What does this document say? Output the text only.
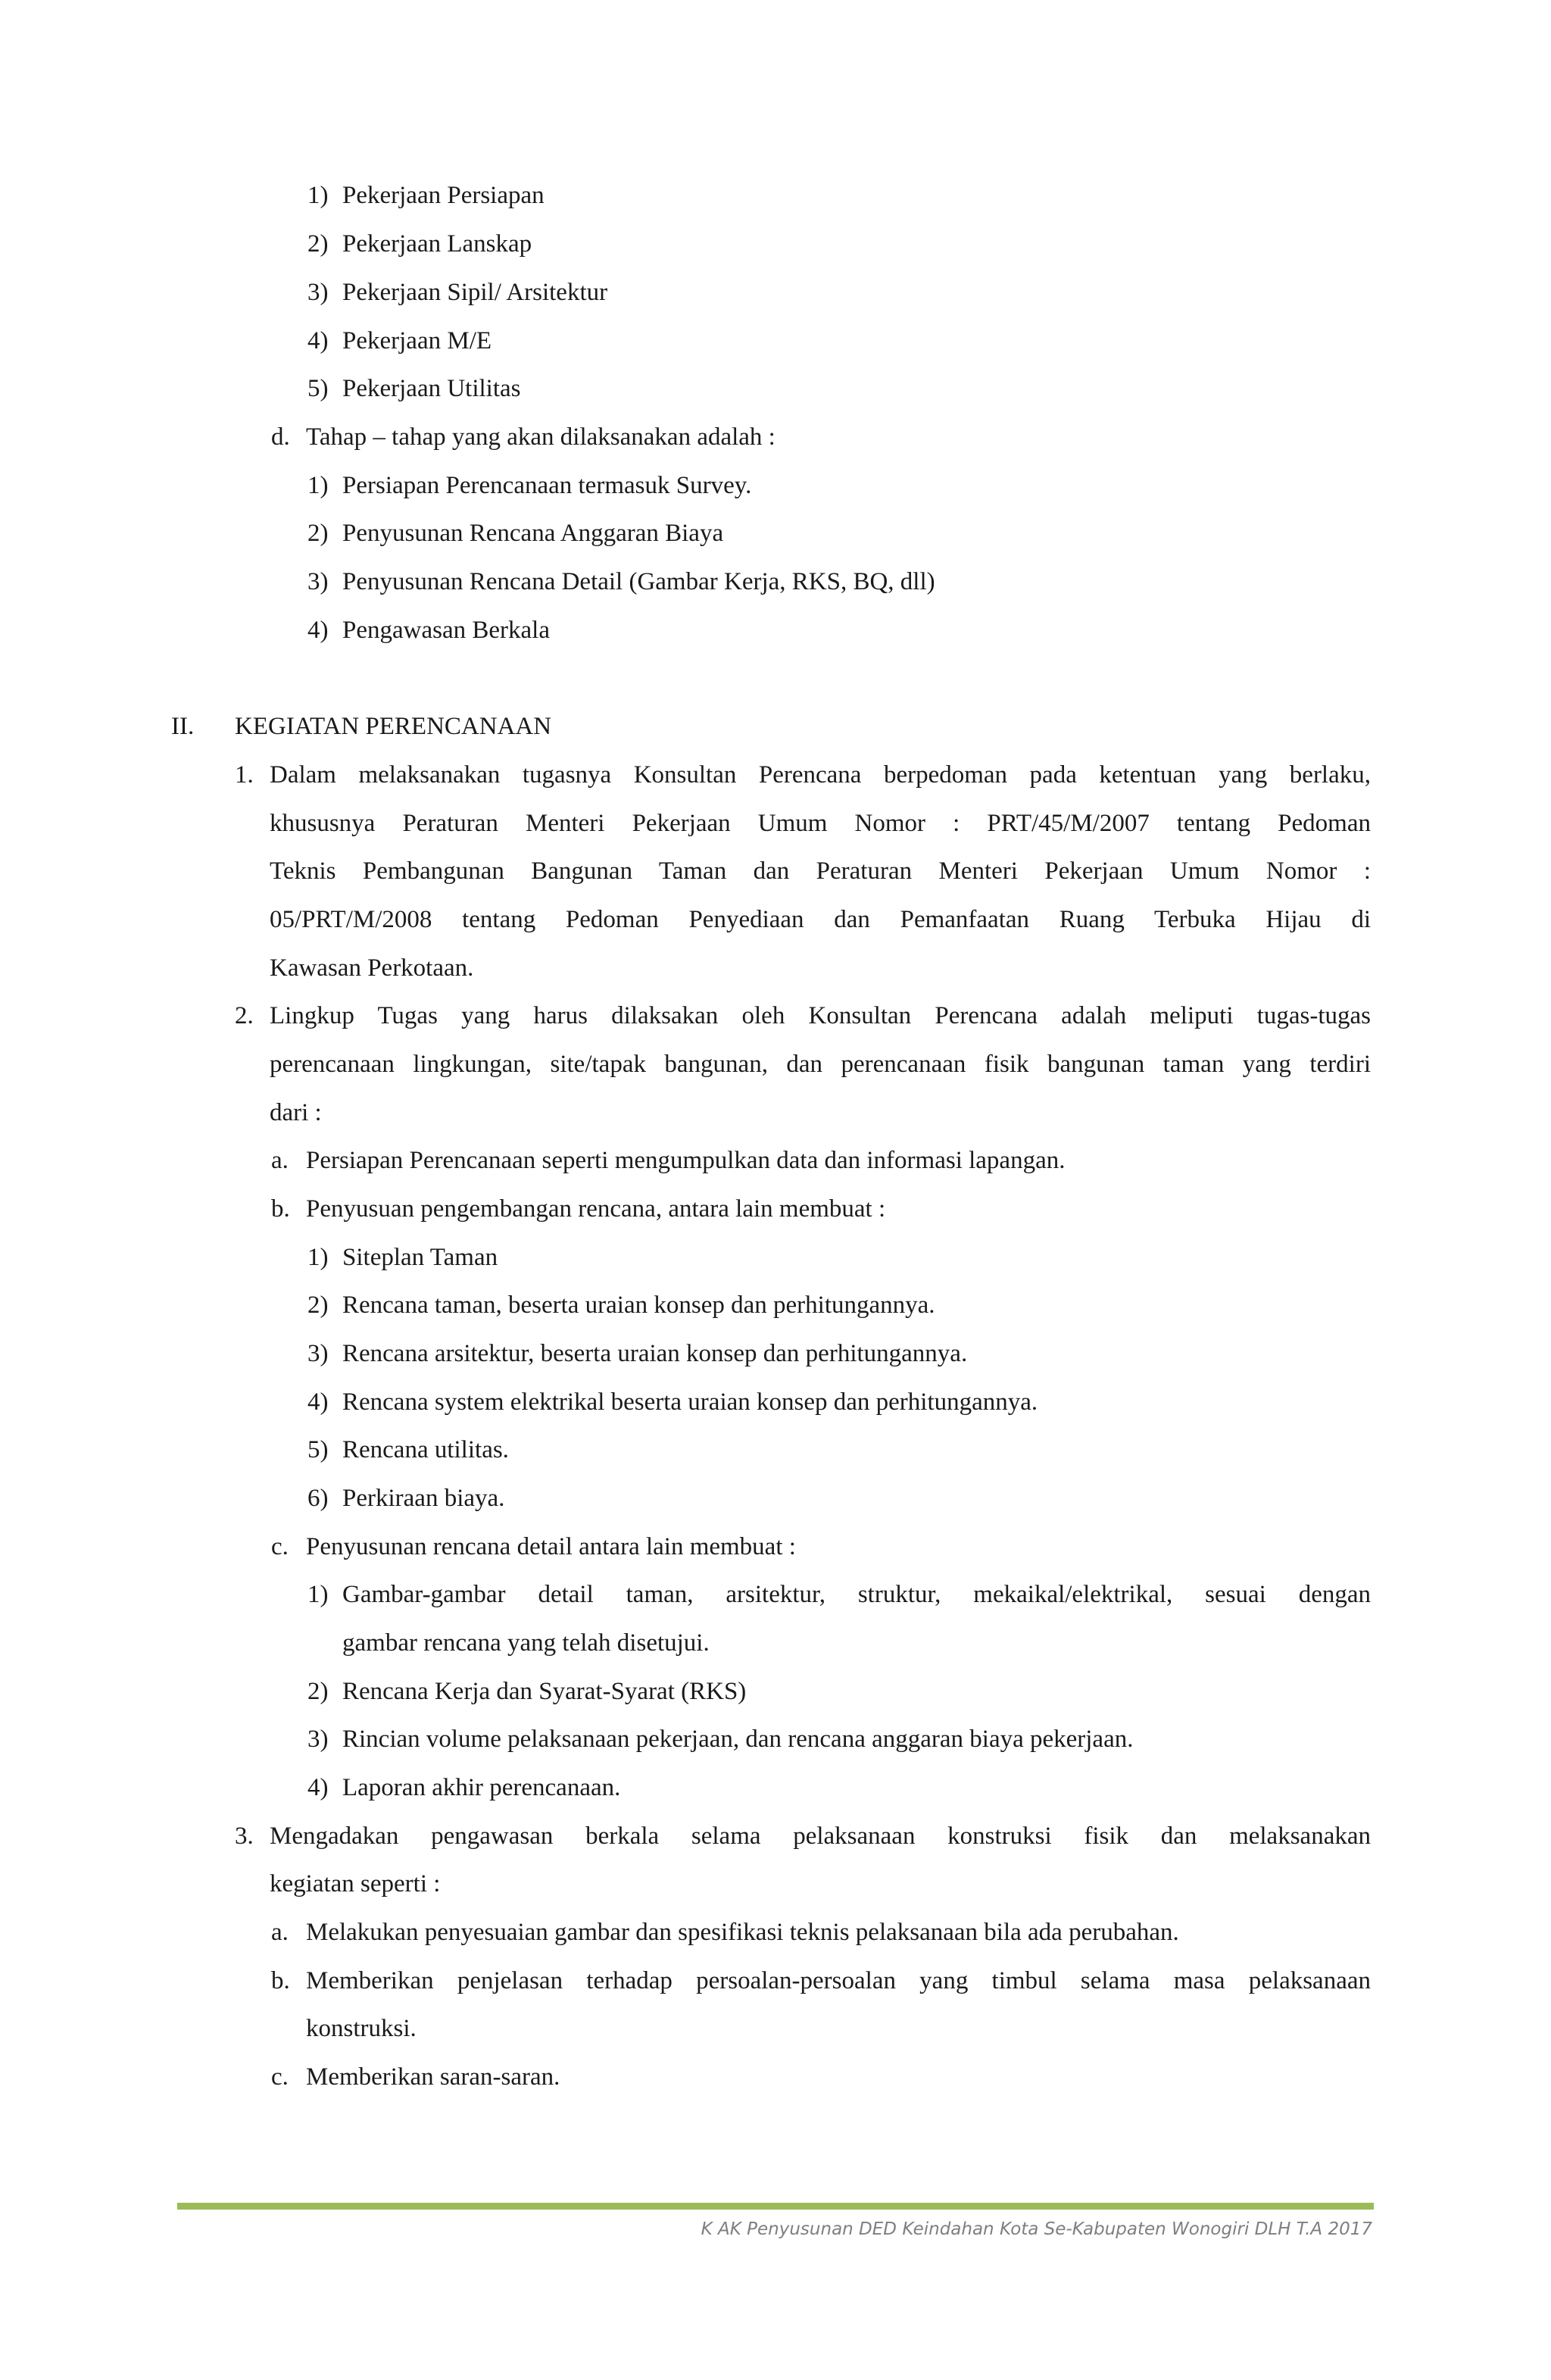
1) Pekerjaan Persiapan
2) Pekerjaan Lanskap
3) Pekerjaan Sipil/ Arsitektur
4) Pekerjaan M/E
5) Pekerjaan Utilitas
d. Tahap – tahap yang akan dilaksanakan adalah :
1) Persiapan Perencanaan termasuk Survey.
2) Penyusunan Rencana Anggaran Biaya
3) Penyusunan Rencana Detail (Gambar Kerja, RKS, BQ, dll)
4) Pengawasan Berkala
II. KEGIATAN PERENCANAAN
1. Dalam melaksanakan tugasnya Konsultan Perencana berpedoman pada ketentuan yang berlaku,
khususnya Peraturan Menteri Pekerjaan Umum Nomor : PRT/45/M/2007 tentang Pedoman
Teknis Pembangunan Bangunan Taman dan Peraturan Menteri Pekerjaan Umum Nomor :
05/PRT/M/2008 tentang Pedoman Penyediaan dan Pemanfaatan Ruang Terbuka Hijau di
Kawasan Perkotaan.
2. Lingkup Tugas yang harus dilaksakan oleh Konsultan Perencana adalah meliputi tugas-tugas
perencanaan lingkungan, site/tapak bangunan, dan perencanaan fisik bangunan taman yang terdiri
dari :
a. Persiapan Perencanaan seperti mengumpulkan data dan informasi lapangan.
b. Penyusuan pengembangan rencana, antara lain membuat :
1) Siteplan Taman
2) Rencana taman, beserta uraian konsep dan perhitungannya.
3) Rencana arsitektur, beserta uraian konsep dan perhitungannya.
4) Rencana system elektrikal beserta uraian konsep dan perhitungannya.
5) Rencana utilitas.
6) Perkiraan biaya.
c. Penyusunan rencana detail antara lain membuat :
1) Gambar-gambar detail taman, arsitektur, struktur, mekaikal/elektrikal, sesuai dengan
gambar rencana yang telah disetujui.
2) Rencana Kerja dan Syarat-Syarat (RKS)
3) Rincian volume pelaksanaan pekerjaan, dan rencana anggaran biaya pekerjaan.
4) Laporan akhir perencanaan.
3. Mengadakan pengawasan berkala selama pelaksanaan konstruksi fisik dan melaksanakan
kegiatan seperti :
a. Melakukan penyesuaian gambar dan spesifikasi teknis pelaksanaan bila ada perubahan.
b. Memberikan penjelasan terhadap persoalan-persoalan yang timbul selama masa pelaksanaan
konstruksi.
c. Memberikan saran-saran.
K AK Penyusunan DED Keindahan Kota Se-Kabupaten Wonogiri DLH T.A 2017
